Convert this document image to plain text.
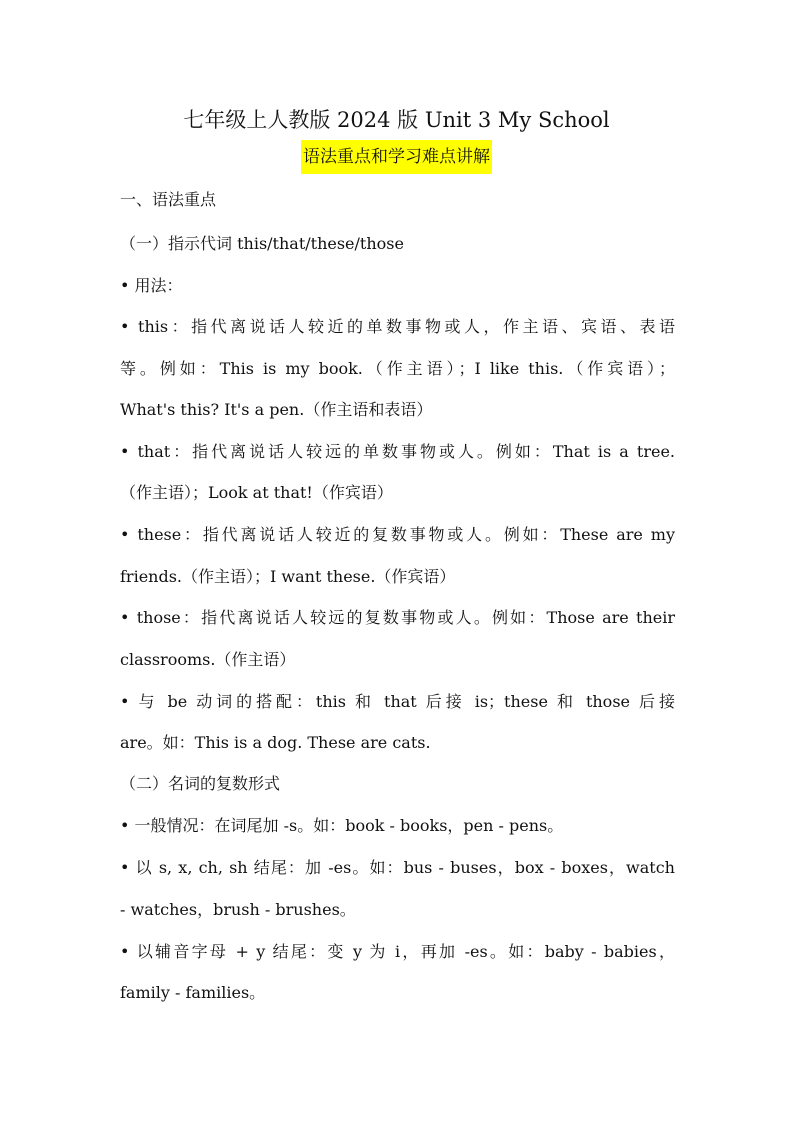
七年级上人教版 2024 版 Unit 3 My School
语法重点和学习难点讲解
一、语法重点
（一）指示代词 this/that/these/those
• 用法：
• this：指代离说话人较近的单数事物或人，作主语、宾语、表语
等。例如：This is my book.（作主语）；I like this.（作宾语）；
What's this? It's a pen.（作主语和表语）
• that：指代离说话人较远的单数事物或人。例如：That is a tree.
（作主语）；Look at that!（作宾语）
• these：指代离说话人较近的复数事物或人。例如：These are my
friends.（作主语）；I want these.（作宾语）
• those：指代离说话人较远的复数事物或人。例如：Those are their
classrooms.（作主语）
• 与 be 动词的搭配：this 和 that 后接 is；these 和 those 后接
are。如：This is a dog. These are cats.
（二）名词的复数形式
• 一般情况：在词尾加 -s。如：book - books，pen - pens。
• 以 s, x, ch, sh 结尾：加 -es。如：bus - buses，box - boxes，watch
- watches，brush - brushes。
• 以辅音字母 + y 结尾：变 y 为 i，再加 -es。如：baby - babies，
family - families。
